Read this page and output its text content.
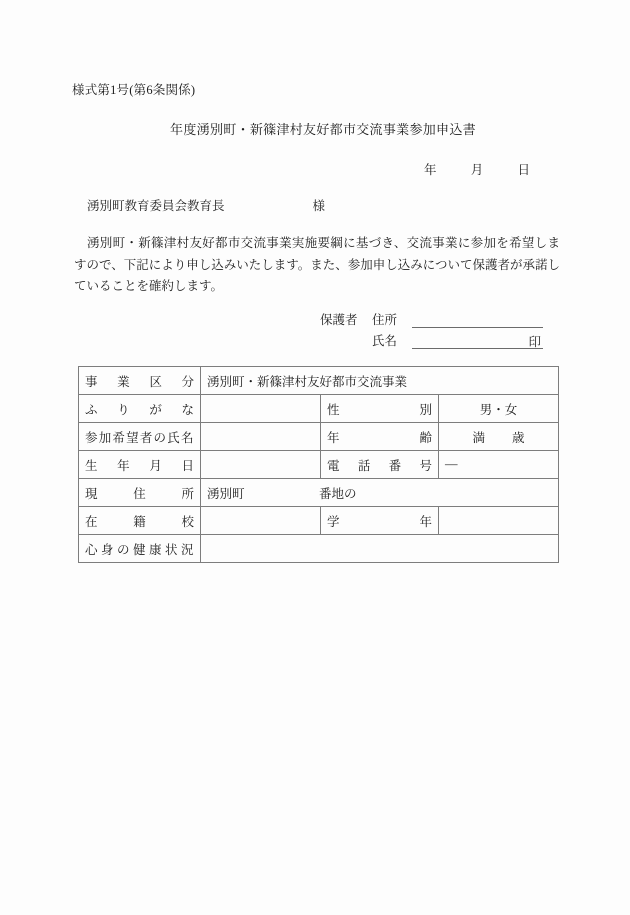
様式第1号(第6条関係)
年度湧別町・新篠津村友好都市交流事業参加申込書
年	月	日
湧別町教育委員会教育長	様
湧別町・新篠津村友好都市交流事業実施要綱に基づき、交流事業に参加を希望しますので、下記により申し込みいたします。また、参加申し込みについて保護者が承諾していることを確約します。
保護者	住所
氏名	印
事　業　区　分	湧別町・新篠津村友好都市交流事業		

ふ　り　が　な		性　　　　　別	男・女

参加希望者の氏名		年　　　　　齢	満 歳

生　年　月　日		電　話　番　号	—

現　　住　　所	湧別町 番地の		

在　　籍　　校		学　　　　　年	

心身の健康状況			
